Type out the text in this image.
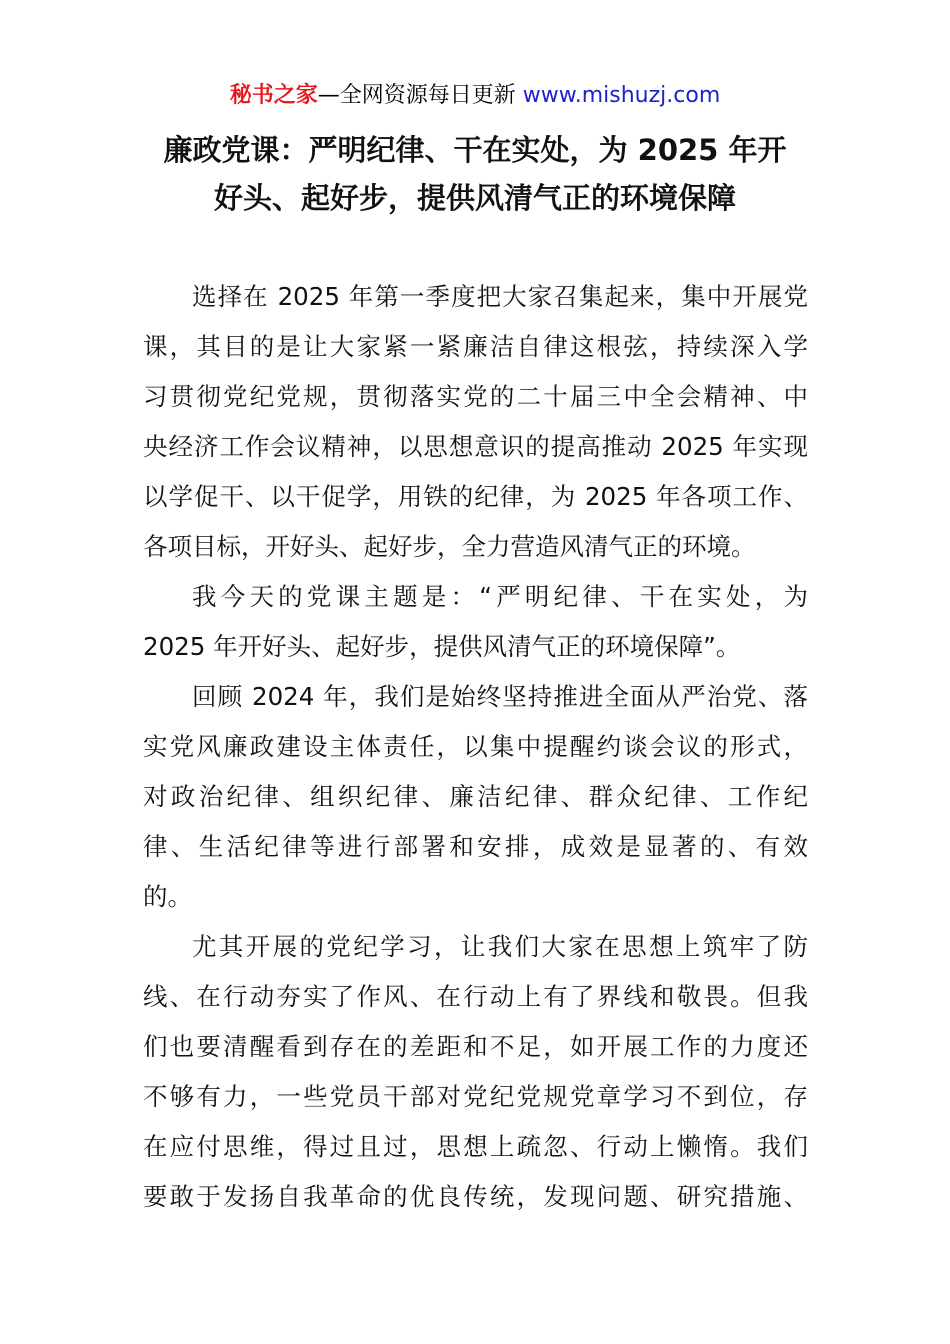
秘书之家—全网资源每日更新 www.mishuzj.com
廉政党课：严明纪律、干在实处，为 2025 年开
好头、起好步，提供风清气正的环境保障

选择在 2025 年第一季度把大家召集起来，集中开展党
课，其目的是让大家紧一紧廉洁自律这根弦，持续深入学
习贯彻党纪党规，贯彻落实党的二十届三中全会精神、中
央经济工作会议精神，以思想意识的提高推动 2025 年实现
以学促干、以干促学，用铁的纪律，为 2025 年各项工作、
各项目标，开好头、起好步，全力营造风清气正的环境。

我今天的党课主题是：“严明纪律、干在实处，为
2025 年开好头、起好步，提供风清气正的环境保障”。

回顾 2024 年，我们是始终坚持推进全面从严治党、落
实党风廉政建设主体责任，以集中提醒约谈会议的形式，
对政治纪律、组织纪律、廉洁纪律、群众纪律、工作纪
律、生活纪律等进行部署和安排，成效是显著的、有效
的。

尤其开展的党纪学习，让我们大家在思想上筑牢了防
线、在行动夯实了作风、在行动上有了界线和敬畏。但我
们也要清醒看到存在的差距和不足，如开展工作的力度还
不够有力，一些党员干部对党纪党规党章学习不到位，存
在应付思维，得过且过，思想上疏忽、行动上懒惰。我们
要敢于发扬自我革命的优良传统，发现问题、研究措施、
